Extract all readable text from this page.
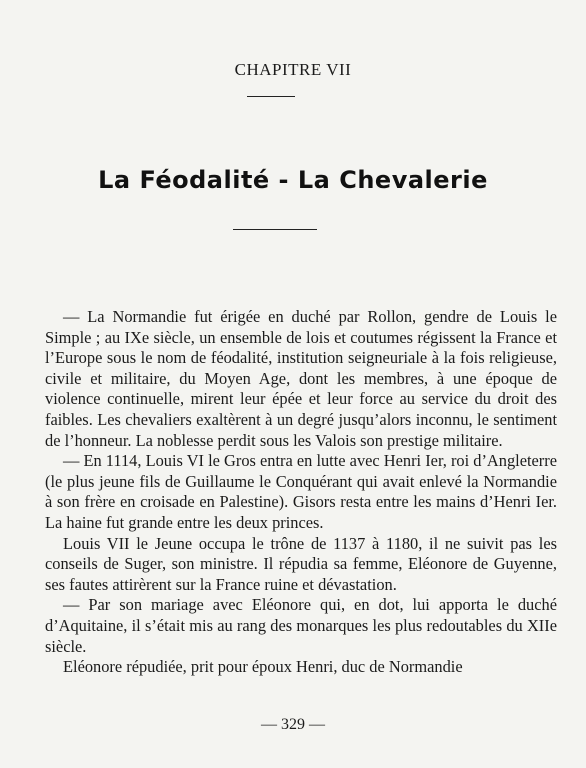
CHAPITRE VII
La Féodalité - La Chevalerie

— La Normandie fut érigée en duché par Rollon, gendre de Louis le Simple ; au IXe siècle, un ensemble de lois et coutumes régissent la France et l’Europe sous le nom de féodalité, institution seigneuriale à la fois religieuse, civile et militaire, du Moyen Age, dont les membres, à une époque de violence continuelle, mirent leur épée et leur force au service du droit des faibles. Les chevaliers exaltèrent à un degré jusqu’alors inconnu, le sentiment de l’honneur. La noblesse perdit sous les Valois son prestige militaire.

— En 1114, Louis VI le Gros entra en lutte avec Henri Ier, roi d’Angleterre (le plus jeune fils de Guillaume le Conquérant qui avait enlevé la Normandie à son frère en croisade en Palestine). Gisors resta entre les mains d’Henri Ier. La haine fut grande entre les deux princes.

Louis VII le Jeune occupa le trône de 1137 à 1180, il ne suivit pas les conseils de Suger, son ministre. Il répudia sa femme, Eléonore de Guyenne, ses fautes attirèrent sur la France ruine et dévastation.

— Par son mariage avec Eléonore qui, en dot, lui apporta le duché d’Aquitaine, il s’était mis au rang des monarques les plus redoutables du XIIe siècle.

Eléonore répudiée, prit pour époux Henri, duc de Normandie

— 329 —
